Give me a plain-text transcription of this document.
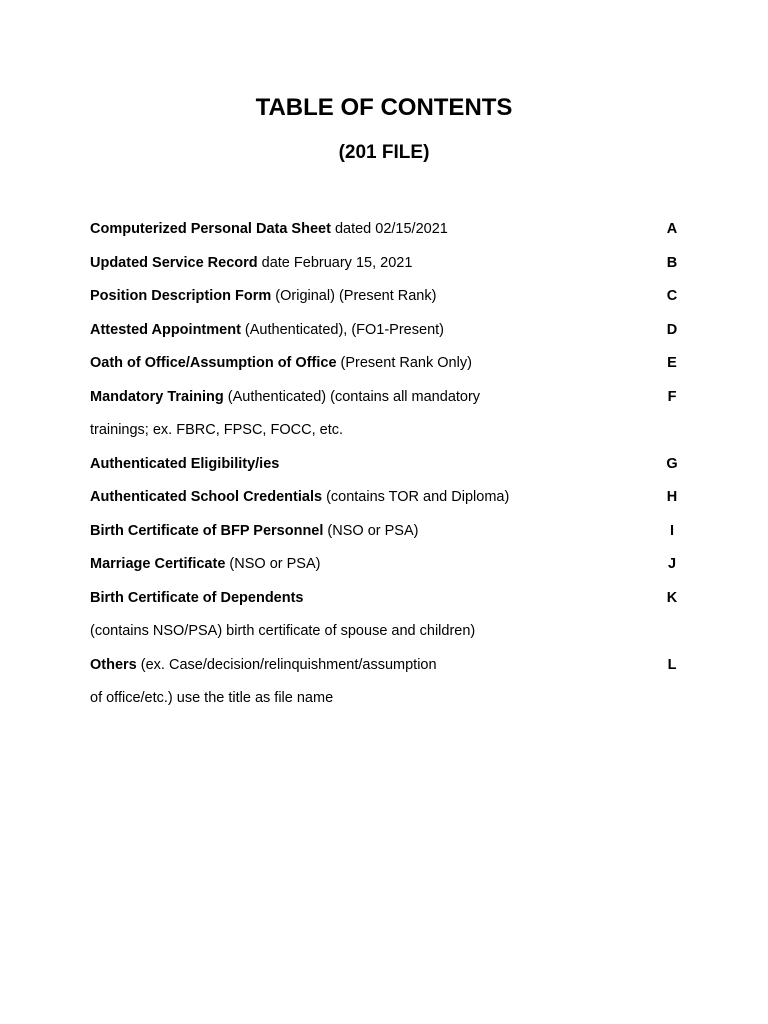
TABLE OF CONTENTS
(201 FILE)
Computerized Personal Data Sheet dated 02/15/2021	A
Updated Service Record date February 15, 2021	B
Position Description Form (Original) (Present Rank)	C
Attested Appointment (Authenticated), (FO1-Present)	D
Oath of Office/Assumption of Office (Present Rank Only)	E
Mandatory Training (Authenticated) (contains all mandatory	F
trainings; ex. FBRC, FPSC, FOCC, etc.
Authenticated Eligibility/ies	G
Authenticated School Credentials (contains TOR and Diploma)	H
Birth Certificate of BFP Personnel (NSO or PSA)	I
Marriage Certificate (NSO or PSA)	J
Birth Certificate of Dependents	K
(contains NSO/PSA) birth certificate of spouse and children)
Others (ex. Case/decision/relinquishment/assumption	L
of office/etc.) use the title as file name
